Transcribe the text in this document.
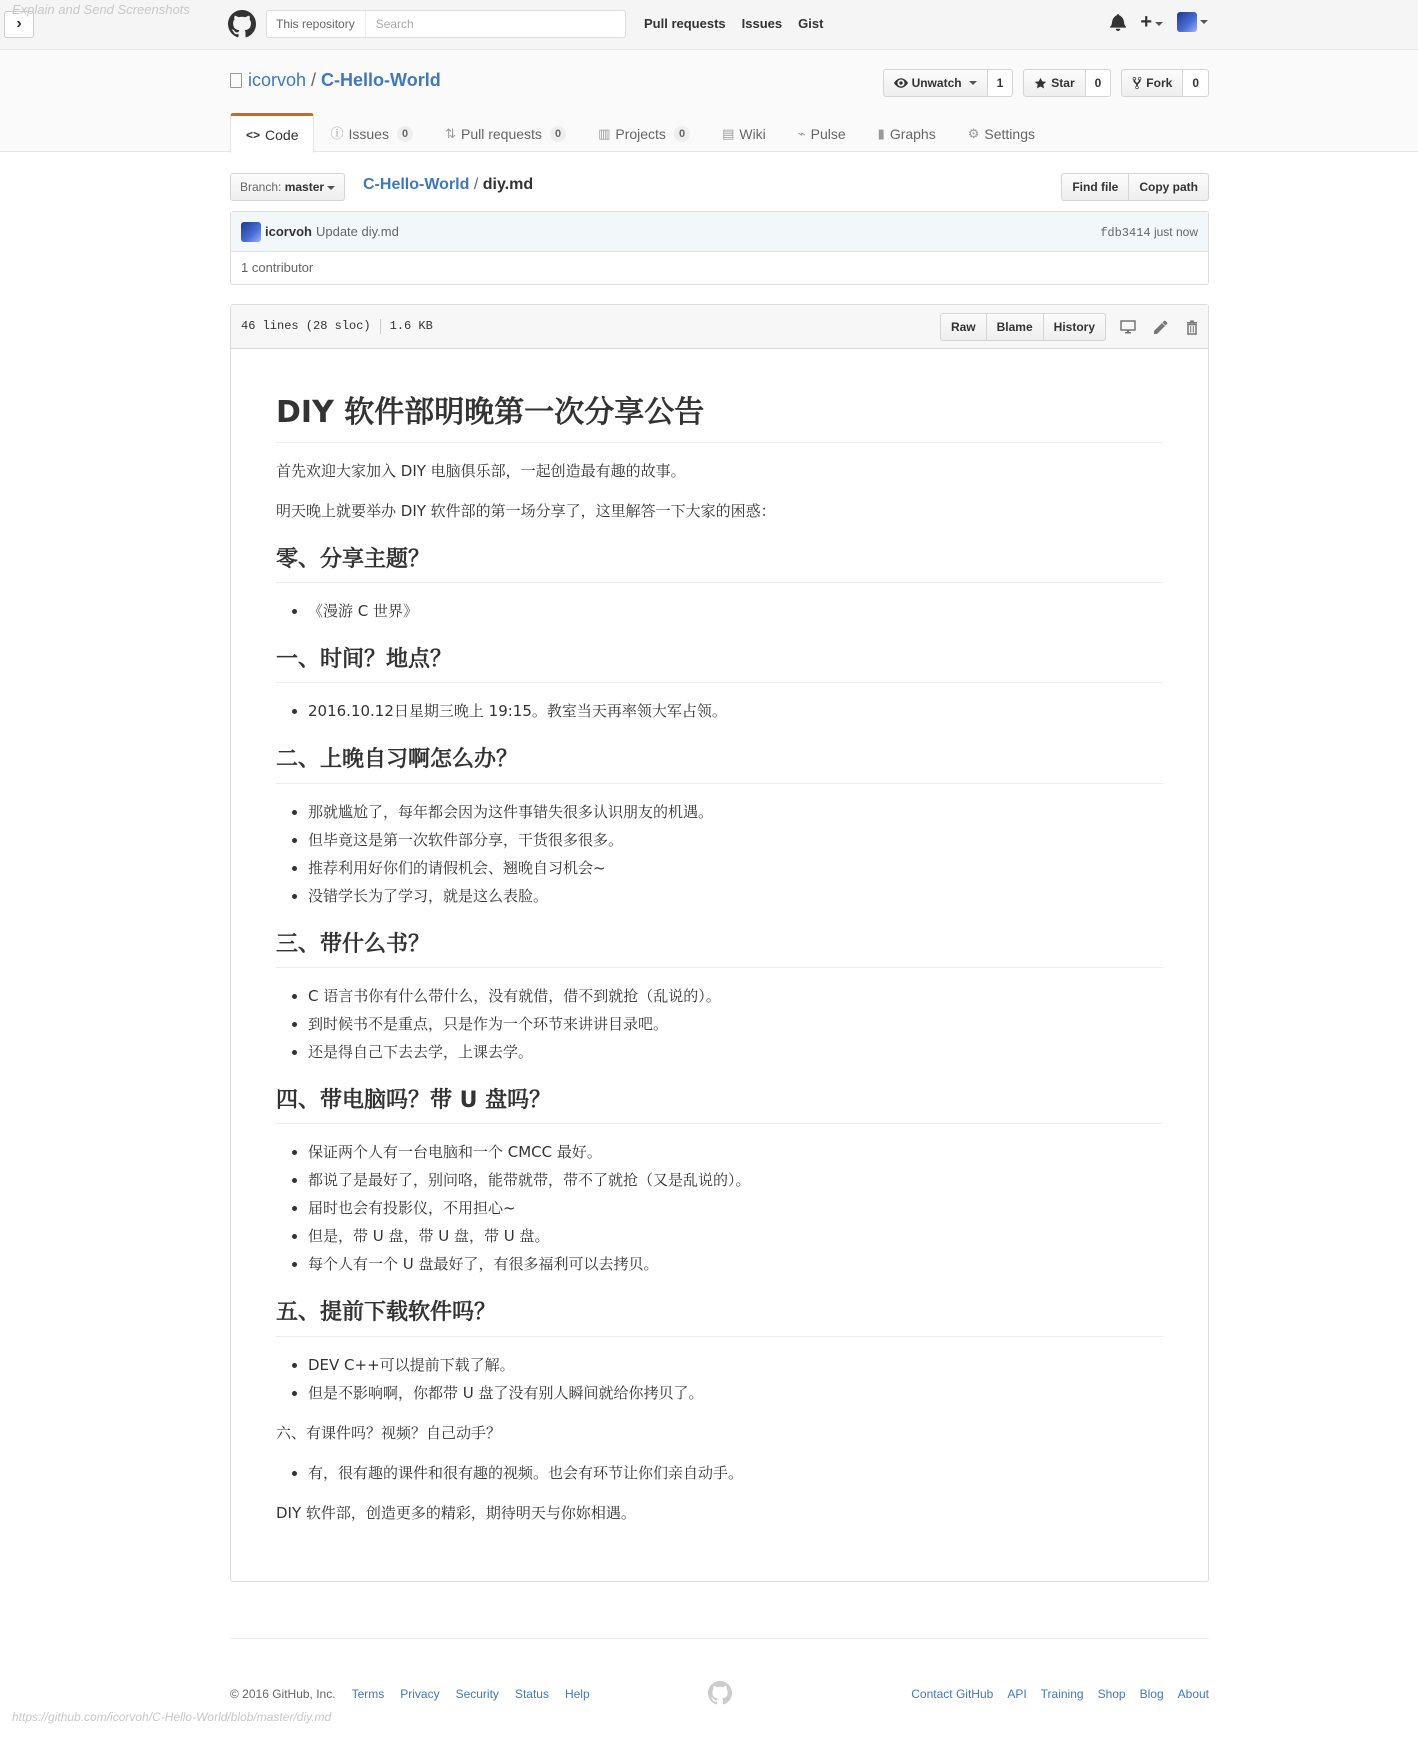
This repository
Search	Pull requests Issues Gist	+
›
Explain and Send Screenshots
icorvoh / C-Hello-World	Unwatch	1	Star	0	Fork	0
<> Code ⓘ Issues	0	⇅ Pull requests	0	▥ Projects	0	▤ Wiki ⌁ Pulse ▮ Graphs ⚙ Settings
Branch: master	C-Hello-World / diy.md	Find file	Copy path
icorvoh Update diy.md	fdb3414 just now
1 contributor
46 lines (28 sloc) 1.6 KB	Raw	Blame	History
DIY 软件部明晚第一次分享公告

首先欢迎大家加入 DIY 电脑俱乐部，一起创造最有趣的故事。

明天晚上就要举办 DIY 软件部的第一场分享了，这里解答一下大家的困惑：

零、分享主题？
• 《漫游 C 世界》
一、时间？地点？
• 2016.10.12日星期三晚上 19:15。教室当天再率领大军占领。
二、上晚自习啊怎么办？
• 那就尴尬了，每年都会因为这件事错失很多认识朋友的机遇。
• 但毕竟这是第一次软件部分享，干货很多很多。
• 推荐利用好你们的请假机会、翘晚自习机会~
• 没错学长为了学习，就是这么表脸。
三、带什么书？
• C 语言书你有什么带什么，没有就借，借不到就抢（乱说的）。
• 到时候书不是重点，只是作为一个环节来讲讲目录吧。
• 还是得自己下去去学，上课去学。
四、带电脑吗？带 U 盘吗？
• 保证两个人有一台电脑和一个 CMCC 最好。
• 都说了是最好了，别问咯，能带就带，带不了就抢（又是乱说的）。
• 届时也会有投影仪，不用担心~
• 但是，带 U 盘，带 U 盘，带 U 盘。
• 每个人有一个 U 盘最好了，有很多福利可以去拷贝。
五、提前下载软件吗？
• DEV C++可以提前下载了解。
• 但是不影响啊，你都带 U 盘了没有别人瞬间就给你拷贝了。

六、有课件吗？视频？自己动手？

• 有，很有趣的课件和很有趣的视频。也会有环节让你们亲自动手。

DIY 软件部，创造更多的精彩，期待明天与你妳相遇。

© 2016 GitHub, Inc. Terms Privacy Security Status Help	Contact GitHub API Training Shop Blog About
https://github.com/icorvoh/C-Hello-World/blob/master/diy.md
